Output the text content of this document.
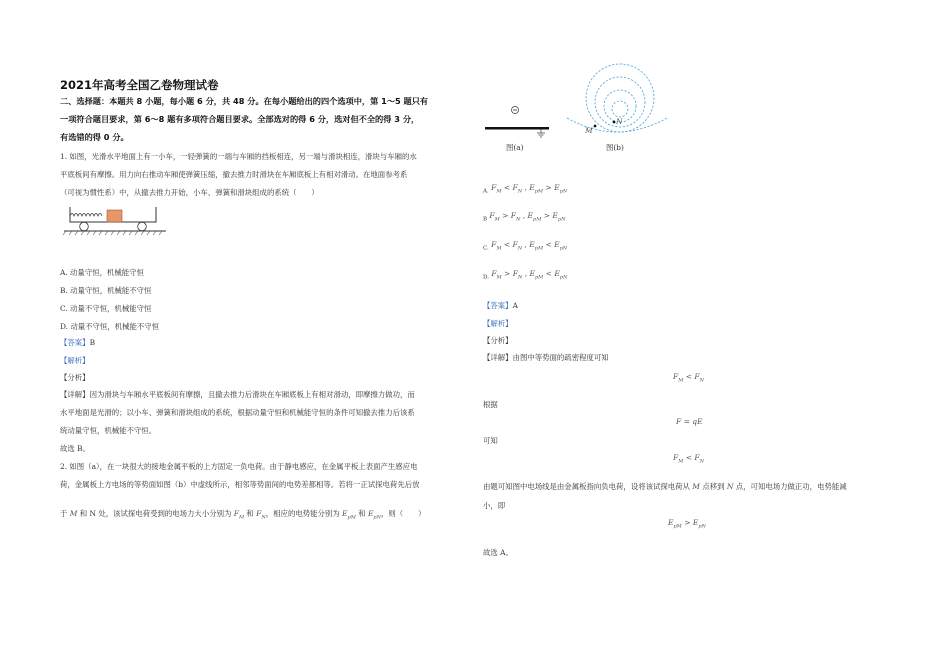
2021年高考全国乙卷物理试卷
二、选择题：本题共 8 小题，每小题 6 分，共 48 分。在每小题给出的四个选项中，第 1～5 题只有
一项符合题目要求，第 6～8 题有多项符合题目要求。全部选对的得 6 分，选对但不全的得 3 分，
有选错的得 0 分。
1. 如图，光滑水平地面上有一小车，一轻弹簧的一端与车厢的挡板相连，另一端与滑块相连，滑块与车厢的水
平底板间有摩擦。用力向右推动车厢使弹簧压缩，撤去推力时滑块在车厢底板上有相对滑动。在地面参考系
（可视为惯性系）中，从撤去推力开始，小车、弹簧和滑块组成的系统（　　）
A. 动量守恒，机械能守恒
B. 动量守恒，机械能不守恒
C. 动量不守恒，机械能守恒
D. 动量不守恒，机械能不守恒
【答案】B
【解析】
【分析】
【详解】因为滑块与车厢水平底板间有摩擦，且撤去推力后滑块在车厢底板上有相对滑动，即摩擦力做功，而
水平地面是光滑的；以小车、弹簧和滑块组成的系统，根据动量守恒和机械能守恒的条件可知撤去推力后该系
统动量守恒，机械能不守恒。
故选 B。
2. 如图（a），在一块很大的接地金属平板的上方固定一负电荷。由于静电感应，在金属平板上表面产生感应电
荷，金属板上方电场的等势面如图（b）中虚线所示，相邻等势面间的电势差都相等。若将一正试探电荷先后放
于 M 和 N 处，该试探电荷受到的电场力大小分别为 $F_M$ 和 $F_N$，相应的电势能分别为 $E_{pM}$ 和 $E_{pN}$，则（　　）
图(a)
M
N
图(b)
A. $F_M < F_N$ , $E_{pM} > E_{pN}$
B $F_M > F_N$ , $E_{pM} > E_{pN}$
C. $F_M < F_N$ , $E_{pM} < E_{pN}$
D. $F_M > F_N$ , $E_{pM} < E_{pN}$
【答案】A
【解析】
【分析】
【详解】由图中等势面的疏密程度可知
$F_M < F_N$
根据
F = qE
可知
$F_M < F_N$
由题可知图中电场线是由金属板指向负电荷，设将该试探电荷从 M 点移到 N 点，可知电场力做正功，电势能减
小，即
$E_{pM} > E_{pN}$
故选 A。
